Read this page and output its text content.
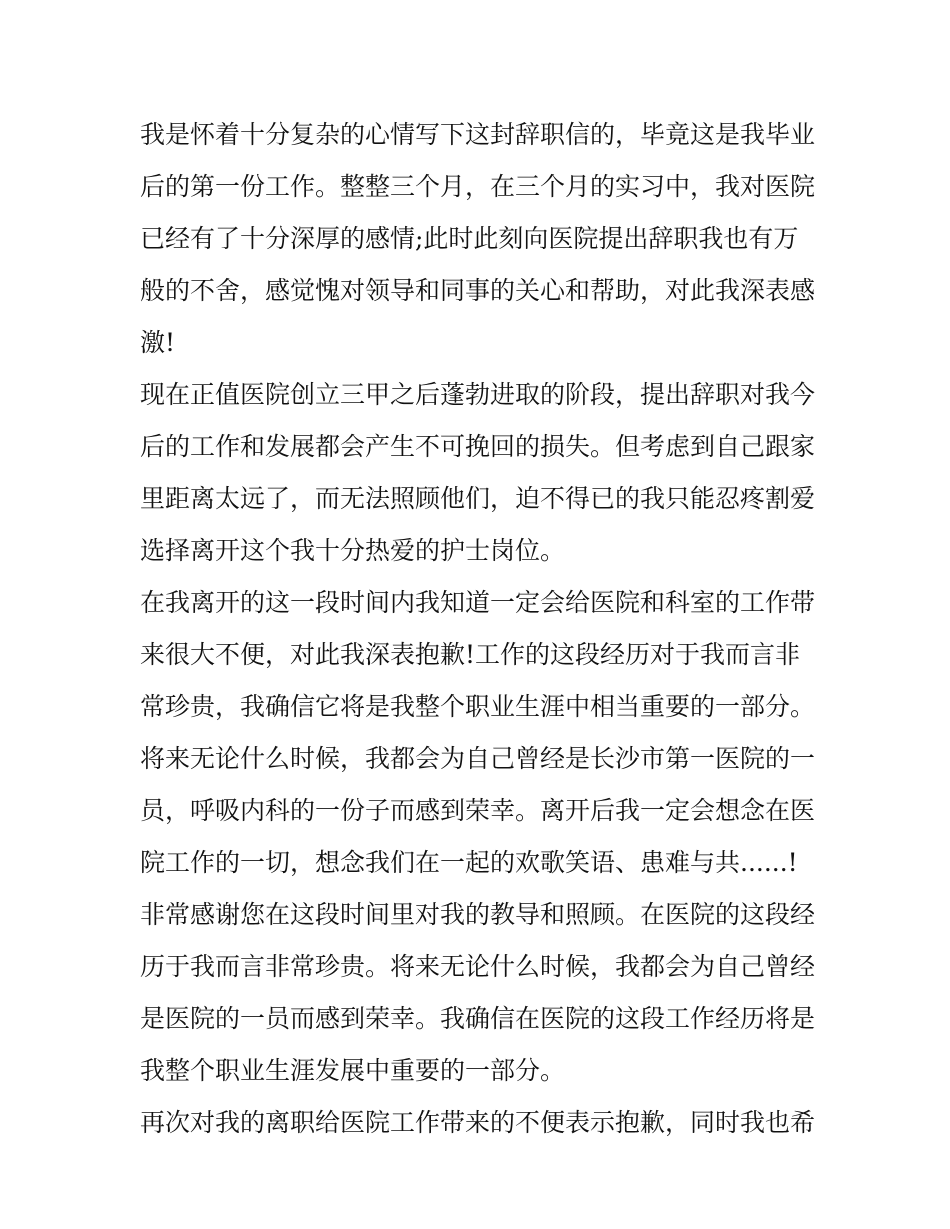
我是怀着十分复杂的心情写下这封辞职信的，毕竟这是我毕业
后的第一份工作。整整三个月，在三个月的实习中，我对医院
已经有了十分深厚的感情;此时此刻向医院提出辞职我也有万
般的不舍，感觉愧对领导和同事的关心和帮助，对此我深表感
激!
现在正值医院创立三甲之后蓬勃进取的阶段，提出辞职对我今
后的工作和发展都会产生不可挽回的损失。但考虑到自己跟家
里距离太远了，而无法照顾他们，迫不得已的我只能忍疼割爱
选择离开这个我十分热爱的护士岗位。
在我离开的这一段时间内我知道一定会给医院和科室的工作带
来很大不便，对此我深表抱歉!工作的这段经历对于我而言非
常珍贵，我确信它将是我整个职业生涯中相当重要的一部分。
将来无论什么时候，我都会为自己曾经是长沙市第一医院的一
员，呼吸内科的一份子而感到荣幸。离开后我一定会想念在医
院工作的一切，想念我们在一起的欢歌笑语、患难与共......!
非常感谢您在这段时间里对我的教导和照顾。在医院的这段经
历于我而言非常珍贵。将来无论什么时候，我都会为自己曾经
是医院的一员而感到荣幸。我确信在医院的这段工作经历将是
我整个职业生涯发展中重要的一部分。
再次对我的离职给医院工作带来的不便表示抱歉，同时我也希
